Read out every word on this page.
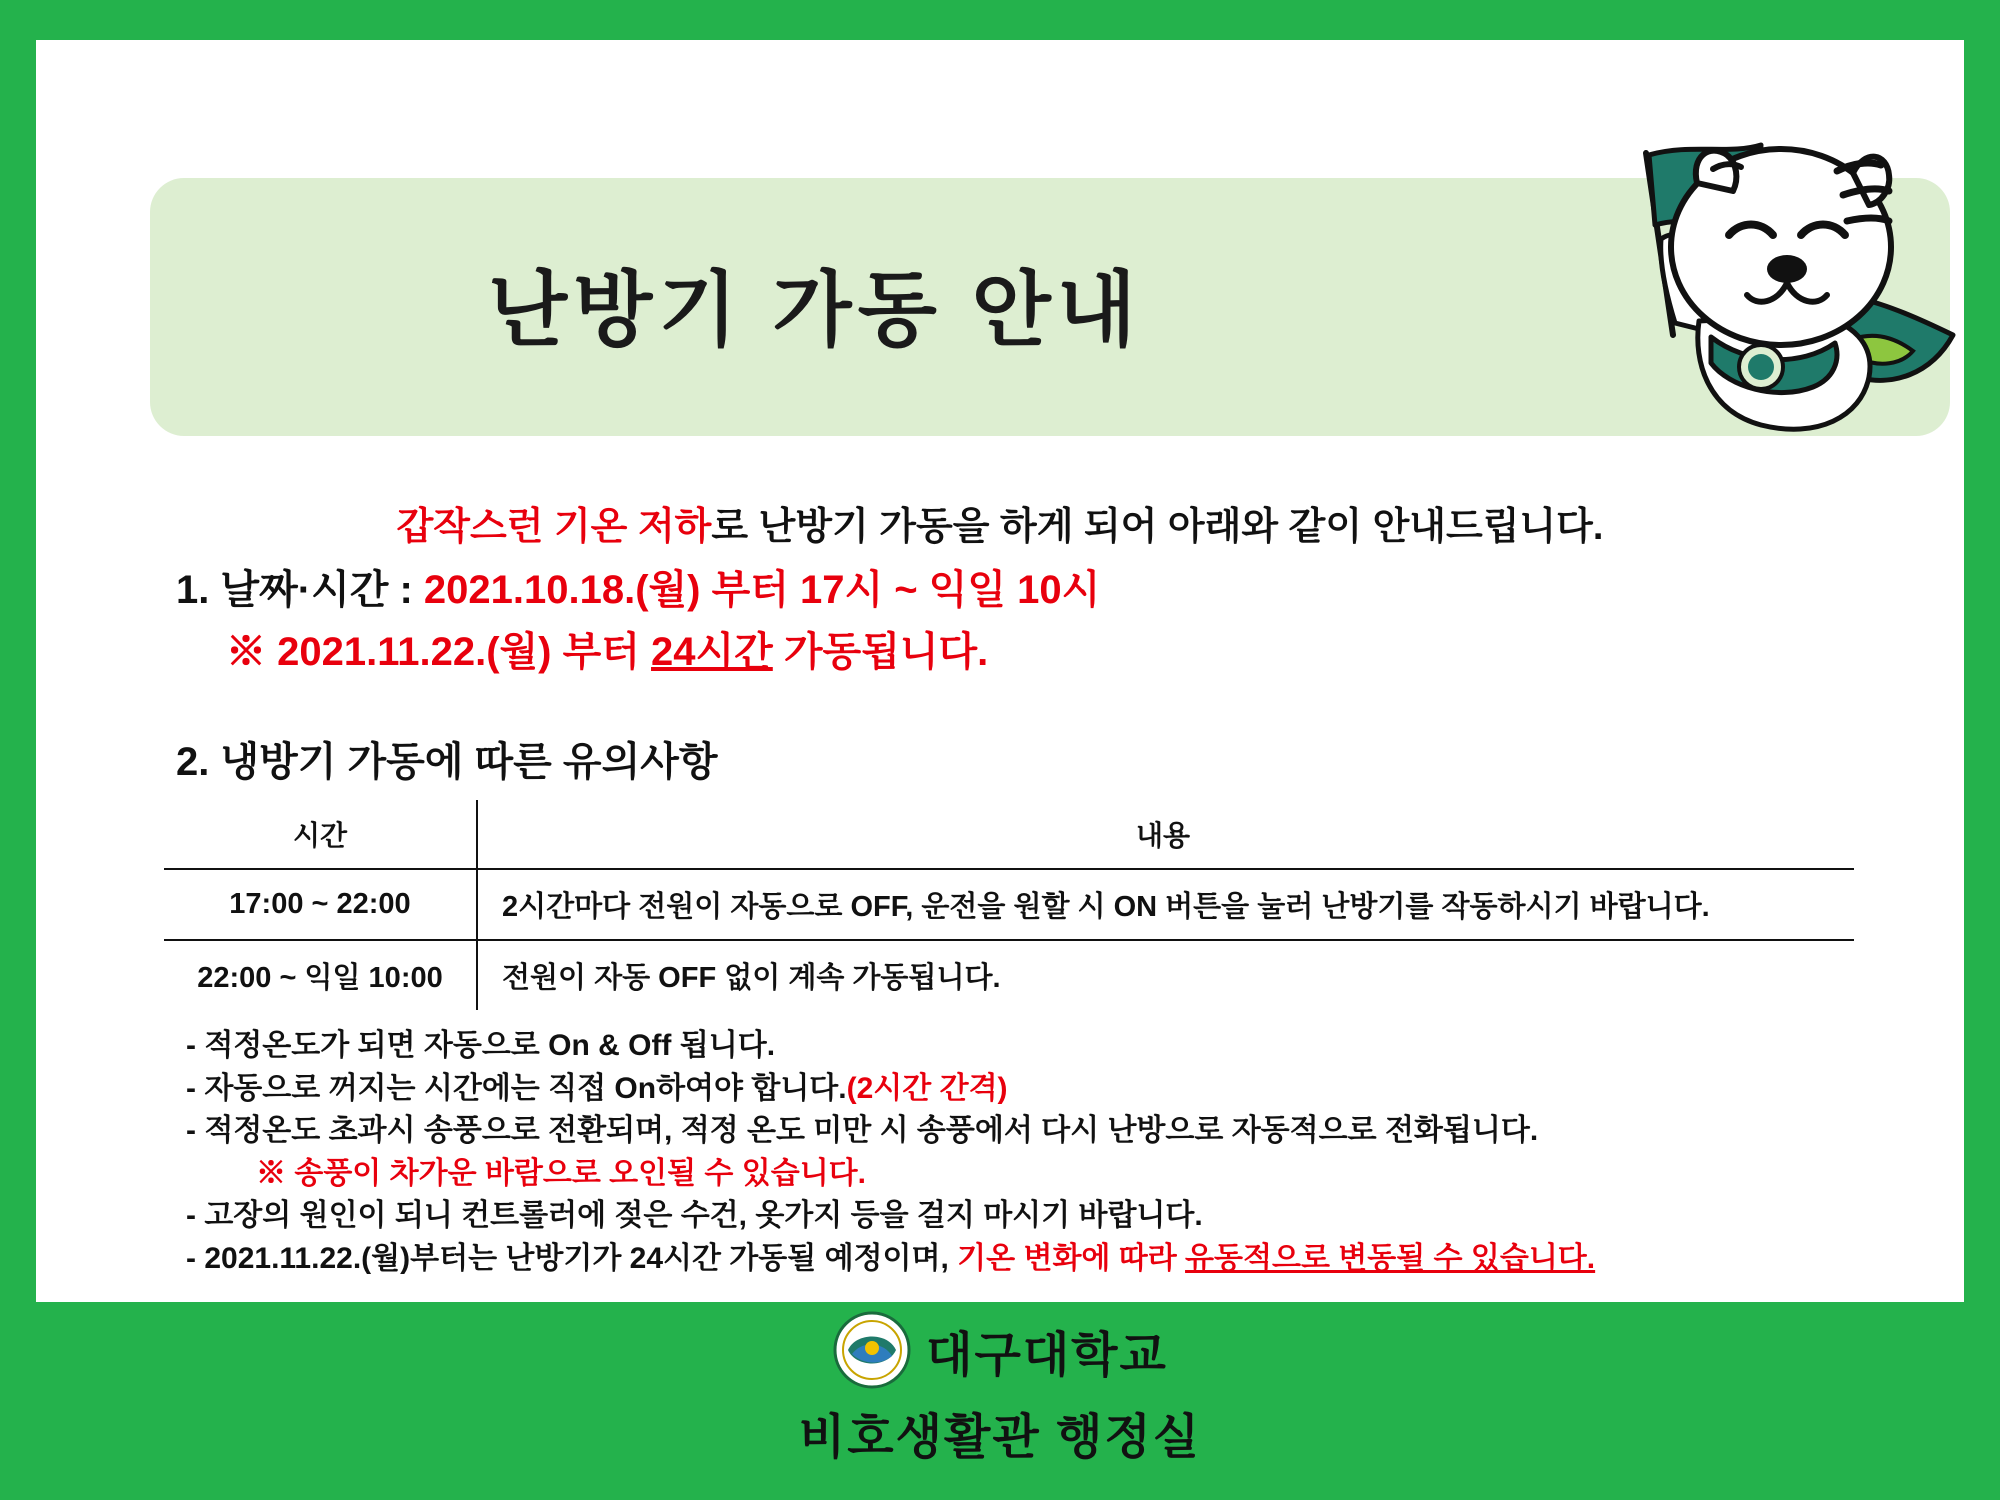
난방기 가동 안내
갑작스런 기온 저하로 난방기 가동을 하게 되어 아래와 같이 안내드립니다.
1. 날짜·시간 : 2021.10.18.(월) 부터 17시 ~ 익일 10시
※ 2021.11.22.(월) 부터 24시간 가동됩니다.
2. 냉방기 가동에 따른 유의사항
시간	내용
17:00 ~ 22:00	2시간마다 전원이 자동으로 OFF, 운전을 원할 시 ON 버튼을 눌러 난방기를 작동하시기 바랍니다.
22:00 ~ 익일 10:00	전원이 자동 OFF 없이 계속 가동됩니다.
- 적정온도가 되면 자동으로 On & Off 됩니다.
- 자동으로 꺼지는 시간에는 직접 On하여야 합니다.(2시간 간격)
- 적정온도 초과시 송풍으로 전환되며, 적정 온도 미만 시 송풍에서 다시 난방으로 자동적으로 전화됩니다.
※ 송풍이 차가운 바람으로 오인될 수 있습니다.
- 고장의 원인이 되니 컨트롤러에 젖은 수건, 옷가지 등을 걸지 마시기 바랍니다.
- 2021.11.22.(월)부터는 난방기가 24시간 가동될 예정이며, 기온 변화에 따라 유동적으로 변동될 수 있습니다.
대구대학교
비호생활관 행정실
